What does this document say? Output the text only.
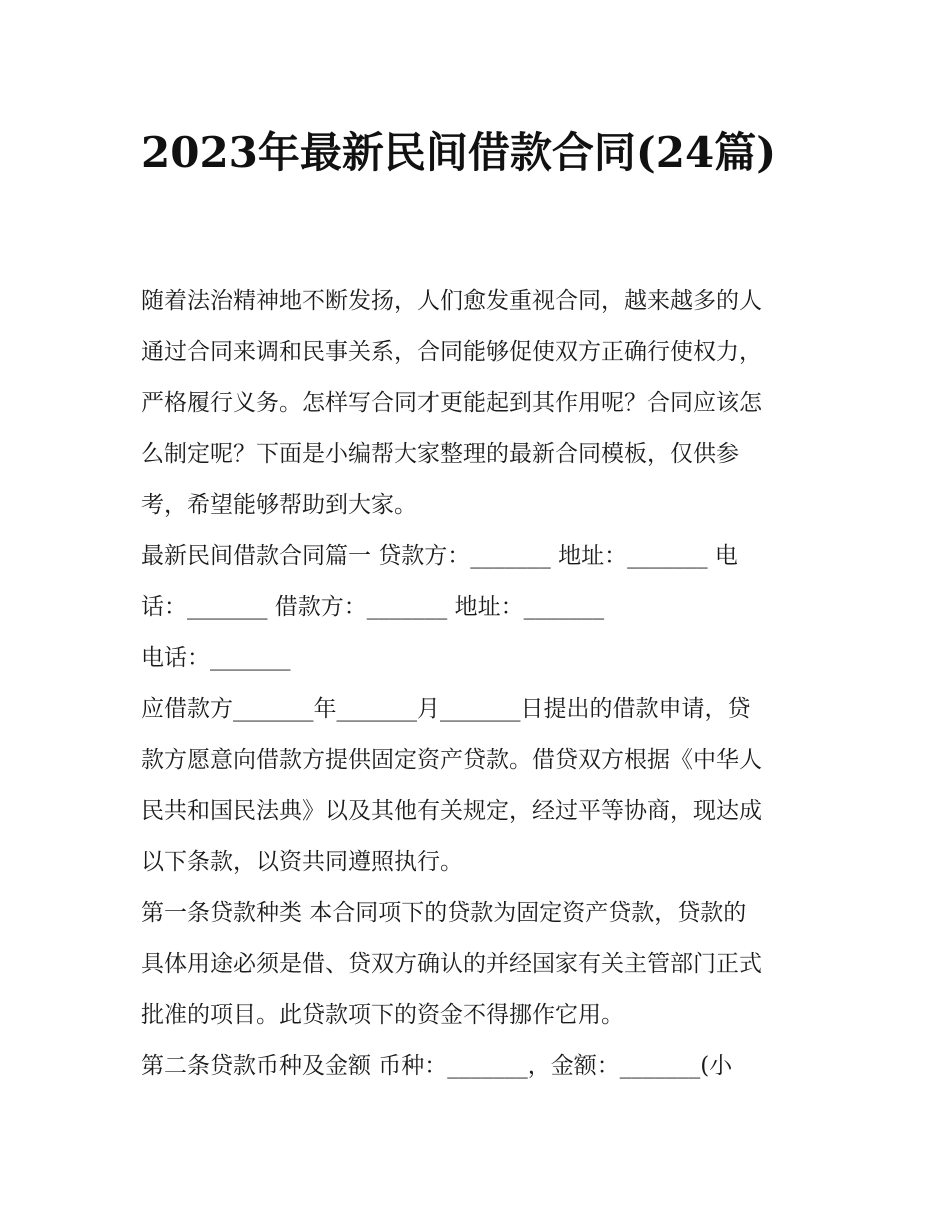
2023年最新民间借款合同(24篇)

随着法治精神地不断发扬，人们愈发重视合同，越来越多的人
通过合同来调和民事关系，合同能够促使双方正确行使权力，
严格履行义务。怎样写合同才更能起到其作用呢？合同应该怎
么制定呢？下面是小编帮大家整理的最新合同模板，仅供参
考，希望能够帮助到大家。

最新民间借款合同篇一 贷款方：_______ 地址：_______ 电
话：_______ 借款方：_______ 地址：_______

电话：_______

应借款方_______年_______月_______日提出的借款申请，贷
款方愿意向借款方提供固定资产贷款。借贷双方根据《中华人
民共和国民法典》以及其他有关规定，经过平等协商，现达成
以下条款，以资共同遵照执行。

第一条贷款种类 本合同项下的贷款为固定资产贷款，贷款的
具体用途必须是借、贷双方确认的并经国家有关主管部门正式
批准的项目。此贷款项下的资金不得挪作它用。

第二条贷款币种及金额 币种：_______，金额：_______(小
